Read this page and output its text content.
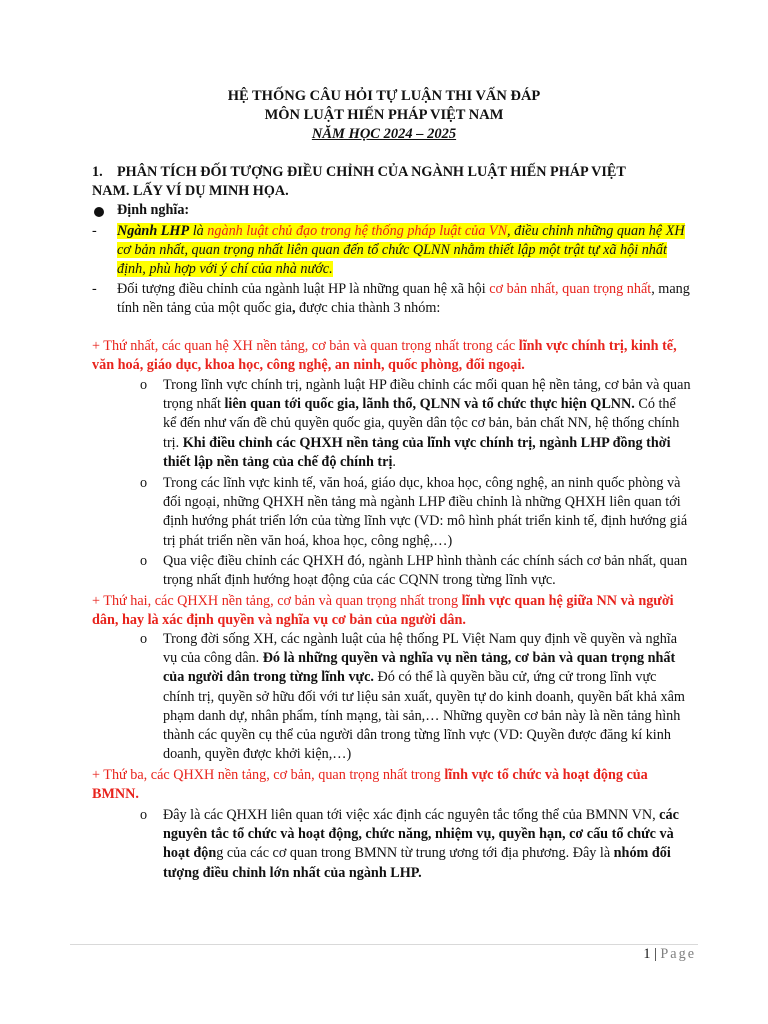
HỆ THỐNG CÂU HỎI TỰ LUẬN THI VẤN ĐÁP
MÔN LUẬT HIẾN PHÁP VIỆT NAM
NĂM HỌC 2024 – 2025
1. PHÂN TÍCH ĐỐI TƯỢNG ĐIỀU CHỈNH CỦA NGÀNH LUẬT HIẾN PHÁP VIỆT
NAM. LẤY VÍ DỤ MINH HỌA.
Định nghĩa:
- Ngành LHP là ngành luật chủ đạo trong hệ thống pháp luật của VN, điều chỉnh những quan hệ XH cơ bản nhất, quan trọng nhất liên quan đến tổ chức QLNN nhằm thiết lập một trật tự xã hội nhất định, phù hợp với ý chí của nhà nước.
- Đối tượng điều chỉnh của ngành luật HP là những quan hệ xã hội cơ bản nhất, quan trọng nhất, mang tính nền tảng của một quốc gia, được chia thành 3 nhóm:
+ Thứ nhất, các quan hệ XH nền tảng, cơ bản và quan trọng nhất trong các lĩnh vực chính trị, kinh tế, văn hoá, giáo dục, khoa học, công nghệ, an ninh, quốc phòng, đối ngoại.
o Trong lĩnh vực chính trị, ngành luật HP điều chỉnh các mối quan hệ nền tảng, cơ bản và quan trọng nhất liên quan tới quốc gia, lãnh thổ, QLNN và tổ chức thực hiện QLNN. Có thể kể đến như vấn đề chủ quyền quốc gia, quyền dân tộc cơ bản, bản chất NN, hệ thống chính trị. Khi điều chỉnh các QHXH nền tảng của lĩnh vực chính trị, ngành LHP đồng thời thiết lập nền tảng của chế độ chính trị.
o Trong các lĩnh vực kinh tế, văn hoá, giáo dục, khoa học, công nghệ, an ninh quốc phòng và đối ngoại, những QHXH nền tảng mà ngành LHP điều chỉnh là những QHXH liên quan tới định hướng phát triển lớn của từng lĩnh vực (VD: mô hình phát triển kinh tế, định hướng giá trị phát triển nền văn hoá, khoa học, công nghệ,…)
o Qua việc điều chỉnh các QHXH đó, ngành LHP hình thành các chính sách cơ bản nhất, quan trọng nhất định hướng hoạt động của các CQNN trong từng lĩnh vực.
+ Thứ hai, các QHXH nền tảng, cơ bản và quan trọng nhất trong lĩnh vực quan hệ giữa NN và người dân, hay là xác định quyền và nghĩa vụ cơ bản của người dân.
o Trong đời sống XH, các ngành luật của hệ thống PL Việt Nam quy định về quyền và nghĩa vụ của công dân. Đó là những quyền và nghĩa vụ nền tảng, cơ bản và quan trọng nhất của người dân trong từng lĩnh vực. Đó có thể là quyền bầu cử, ứng cử trong lĩnh vực chính trị, quyền sở hữu đối với tư liệu sản xuất, quyền tự do kinh doanh, quyền bất khả xâm phạm danh dự, nhân phẩm, tính mạng, tài sản,… Những quyền cơ bản này là nền tảng hình thành các quyền cụ thể của người dân trong từng lĩnh vực (VD: Quyền được đăng kí kinh doanh, quyền được khởi kiện,…)
+ Thứ ba, các QHXH nền tảng, cơ bản, quan trọng nhất trong lĩnh vực tổ chức và hoạt động của BMNN.
o Đây là các QHXH liên quan tới việc xác định các nguyên tắc tổng thể của BMNN VN, các nguyên tắc tổ chức và hoạt động, chức năng, nhiệm vụ, quyền hạn, cơ cấu tổ chức và hoạt động của các cơ quan trong BMNN từ trung ương tới địa phương. Đây là nhóm đối tượng điều chỉnh lớn nhất của ngành LHP.
1 | Page
